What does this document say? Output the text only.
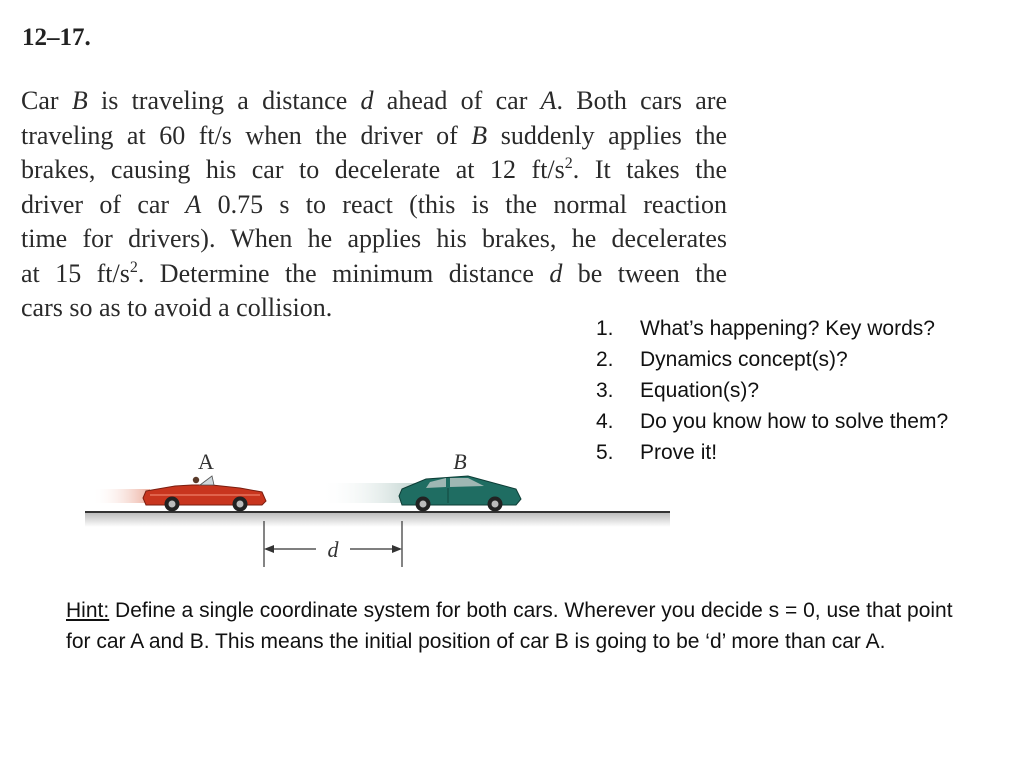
12–17.
Car B is traveling a distance d ahead of car A. Both cars are
traveling at 60 ft/s when the driver of B suddenly applies the
brakes, causing his car to decelerate at 12 $ft/s^2$. It takes the
driver of car A 0.75 s to react (this is the normal reaction
time for drivers). When he applies his brakes, he decelerates
at 15 $ft/s^2$. Determine the minimum distance d be tween the
cars so as to avoid a collision.
1.	What’s happening? Key words?
2.	Dynamics concept(s)?
3.	Equation(s)?
4.	Do you know how to solve them?
5.	Prove it!
A	B
d

Hint: Define a single coordinate system for both cars. Wherever you decide s = 0, use that point for car A and B. This means the initial position of car B is going to be ‘d’ more than car A.
